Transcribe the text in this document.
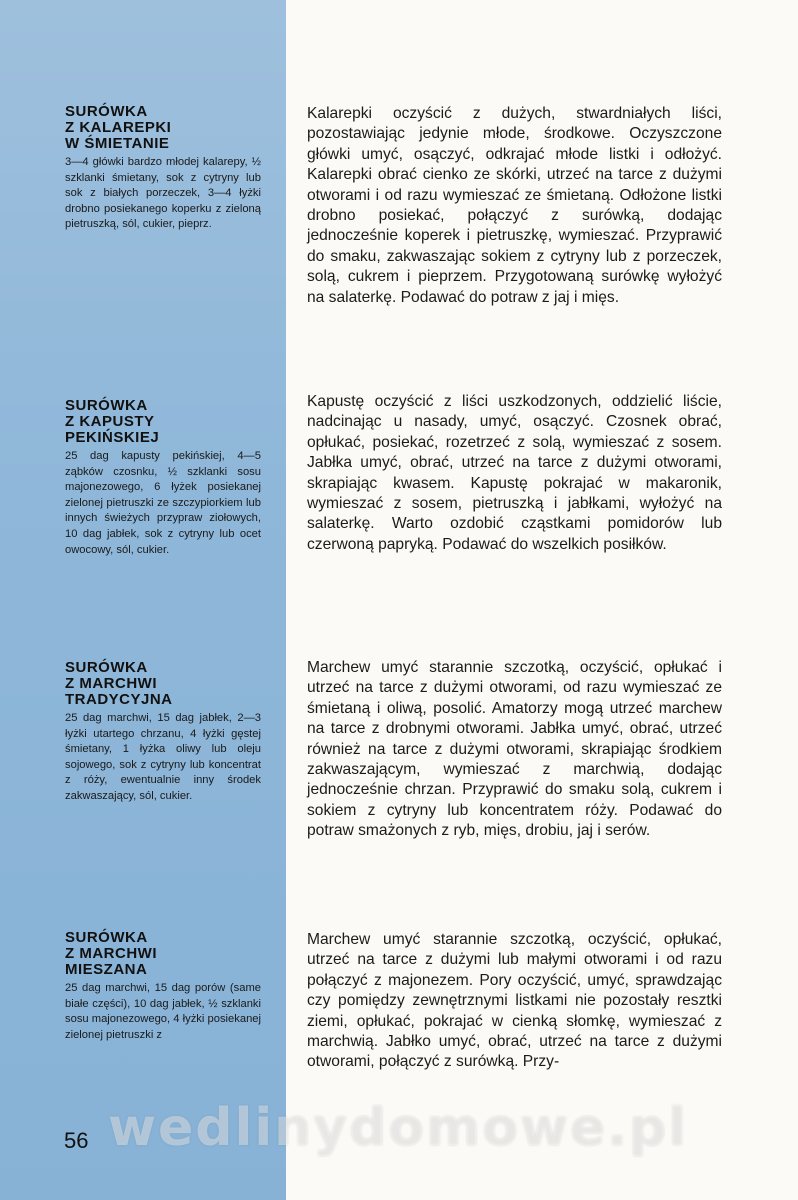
SURÓWKA
Z KALAREPKI
W ŚMIETANIE

3—4 główki bardzo młodej kalarepy, ½ szklanki śmietany, sok z cytryny lub sok z białych porzeczek, 3—4 łyżki drobno posiekanego koperku z zieloną pietruszką, sól, cukier, pieprz.

Kalarepki oczyścić z dużych, stwardniałych liści, pozostawiając jedynie młode, środkowe. Oczyszczone główki umyć, osączyć, odkrajać młode listki i odłożyć. Kalarepki obrać cienko ze skórki, utrzeć na tarce z dużymi otworami i od razu wymieszać ze śmietaną. Odłożone listki drobno posiekać, połączyć z surówką, dodając jednocześnie koperek i pietruszkę, wymieszać. Przyprawić do smaku, zakwaszając sokiem z cytryny lub z porzeczek, solą, cukrem i pieprzem. Przygotowaną surówkę wyłożyć na salaterkę. Podawać do potraw z jaj i mięs.

SURÓWKA
Z KAPUSTY
PEKIŃSKIEJ

25 dag kapusty pekińskiej, 4—5 ząbków czosnku, ½ szklanki sosu majonezowego, 6 łyżek posiekanej zielonej pietruszki ze szczypiorkiem lub innych świeżych przypraw ziołowych, 10 dag jabłek, sok z cytryny lub ocet owocowy, sól, cukier.

Kapustę oczyścić z liści uszkodzonych, oddzielić liście, nadcinając u nasady, umyć, osączyć. Czosnek obrać, opłukać, posiekać, rozetrzeć z solą, wymieszać z sosem. Jabłka umyć, obrać, utrzeć na tarce z dużymi otworami, skrapiając kwasem. Kapustę pokrajać w makaronik, wymieszać z sosem, pietruszką i jabłkami, wyłożyć na salaterkę. Warto ozdobić cząstkami pomidorów lub czerwoną papryką. Podawać do wszelkich posiłków.

SURÓWKA
Z MARCHWI
TRADYCYJNA

25 dag marchwi, 15 dag jabłek, 2—3 łyżki utartego chrzanu, 4 łyżki gęstej śmietany, 1 łyżka oliwy lub oleju sojowego, sok z cytryny lub koncentrat z róży, ewentualnie inny środek zakwaszający, sól, cukier.

Marchew umyć starannie szczotką, oczyścić, opłukać i utrzeć na tarce z dużymi otworami, od razu wymieszać ze śmietaną i oliwą, posolić. Amatorzy mogą utrzeć marchew na tarce z drobnymi otworami. Jabłka umyć, obrać, utrzeć również na tarce z dużymi otworami, skrapiając środkiem zakwaszającym, wymieszać z marchwią, dodając jednocześnie chrzan. Przyprawić do smaku solą, cukrem i sokiem z cytryny lub koncentratem róży. Podawać do potraw smażonych z ryb, mięs, drobiu, jaj i serów.

SURÓWKA
Z MARCHWI
MIESZANA

25 dag marchwi, 15 dag porów (same białe części), 10 dag jabłek, ½ szklanki sosu majonezowego, 4 łyżki posiekanej zielonej pietruszki z

Marchew umyć starannie szczotką, oczyścić, opłukać, utrzeć na tarce z dużymi lub małymi otworami i od razu połączyć z majonezem. Pory oczyścić, umyć, sprawdzając czy pomiędzy zewnętrznymi listkami nie pozostały resztki ziemi, opłukać, pokrajać w cienką słomkę, wymieszać z marchwią. Jabłko umyć, obrać, utrzeć na tarce z dużymi otworami, połączyć z surówką. Przy-

wedlinydomowe.pl
56
